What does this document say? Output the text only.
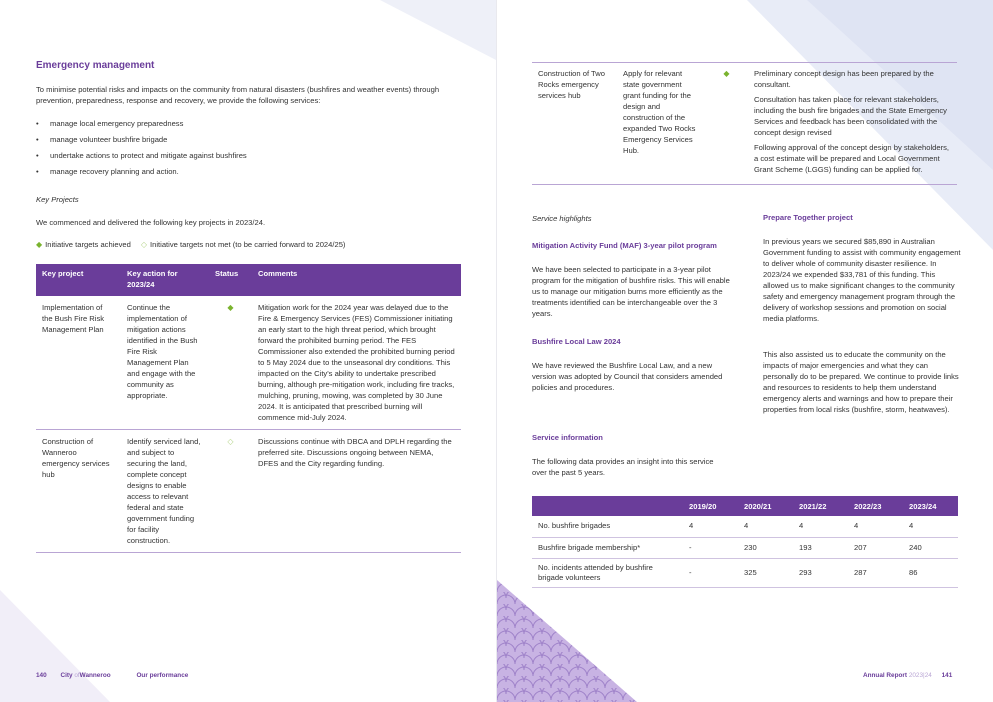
Emergency management

To minimise potential risks and impacts on the community from natural disasters (bushfires and weather events) through prevention, preparedness, response and recovery, we provide the following services:

• manage local emergency preparedness
• manage volunteer bushfire brigade
• undertake actions to protect and mitigate against bushfires
• manage recovery planning and action.
Key Projects
We commenced and delivered the following key projects in 2023/24.
◆ Initiative targets achieved ◇ Initiative targets not met (to be carried forward to 2024/25)
Key project	Key action for 2023/24	Status	Comments
Implementation of the Bush Fire Risk Management Plan	Continue the implementation of mitigation actions identified in the Bush Fire Risk Management Plan and engage with the community as appropriate.	◆	Mitigation work for the 2024 year was delayed due to the Fire & Emergency Services (FES) Commissioner initiating an early start to the high threat period, which brought forward the prohibited burning period. The FES Commissioner also extended the prohibited burning period to 5 May 2024 due to the unseasonal dry conditions. This impacted on the City's ability to undertake prescribed burning, although pre-mitigation work, including fire tracks, mulching, pruning, mowing, was completed by 30 June 2024. It is anticipated that prescribed burning will commence mid-July 2024.
Construction of Wanneroo emergency services hub	Identify serviced land, and subject to securing the land, complete concept designs to enable access to relevant federal and state government funding for facility construction.	◇	Discussions continue with DBCA and DPLH regarding the preferred site. Discussions ongoing between NEMA, DFES and the City regarding funding.
140 City ofWanneroo	Our performance
Construction of Two Rocks emergency services hub	Apply for relevant state government grant funding for the design and construction of the expanded Two Rocks Emergency Services Hub.	◆	Preliminary concept design has been prepared by the consultant.

Consultation has taken place for relevant stakeholders, including the bush fire brigades and the State Emergency Services and feedback has been consolidated with the concept design revised

Following approval of the concept design by stakeholders, a cost estimate will be prepared and Local Government Grant Scheme (LGGS) funding can be applied for.

Service highlights
Mitigation Activity Fund (MAF) 3-year pilot program

We have been selected to participate in a 3-year pilot program for the mitigation of bushfire risks. This will enable us to manage our mitigation burns more efficiently as the treatments identified can be interchangeable over the 3 years.

Bushfire Local Law 2024

We have reviewed the Bushfire Local Law, and a new version was adopted by Council that considers amended policies and procedures.

Service information

The following data provides an insight into this service over the past 5 years.

Prepare Together project

In previous years we secured $85,890 in Australian Government funding to assist with community engagement to deliver whole of community disaster resilience. In 2023/24 we expended $33,781 of this funding. This allowed us to make significant changes to the community safety and emergency management program through the delivery of workshop sessions and promotion on social media platforms.

This also assisted us to educate the community on the impacts of major emergencies and what they can personally do to be prepared. We continue to provide links and resources to residents to help them understand emergency alerts and warnings and how to prepare their properties from local risks (bushfire, storm, heatwaves).

	2019/20	2020/21	2021/22	2022/23	2023/24
No. bushfire brigades	4	4	4	4	4
Bushfire brigade membership*	-	230	193	207	240
No. incidents attended by bushfire brigade volunteers	-	325	293	287	86
Annual Report 2023|24 141
